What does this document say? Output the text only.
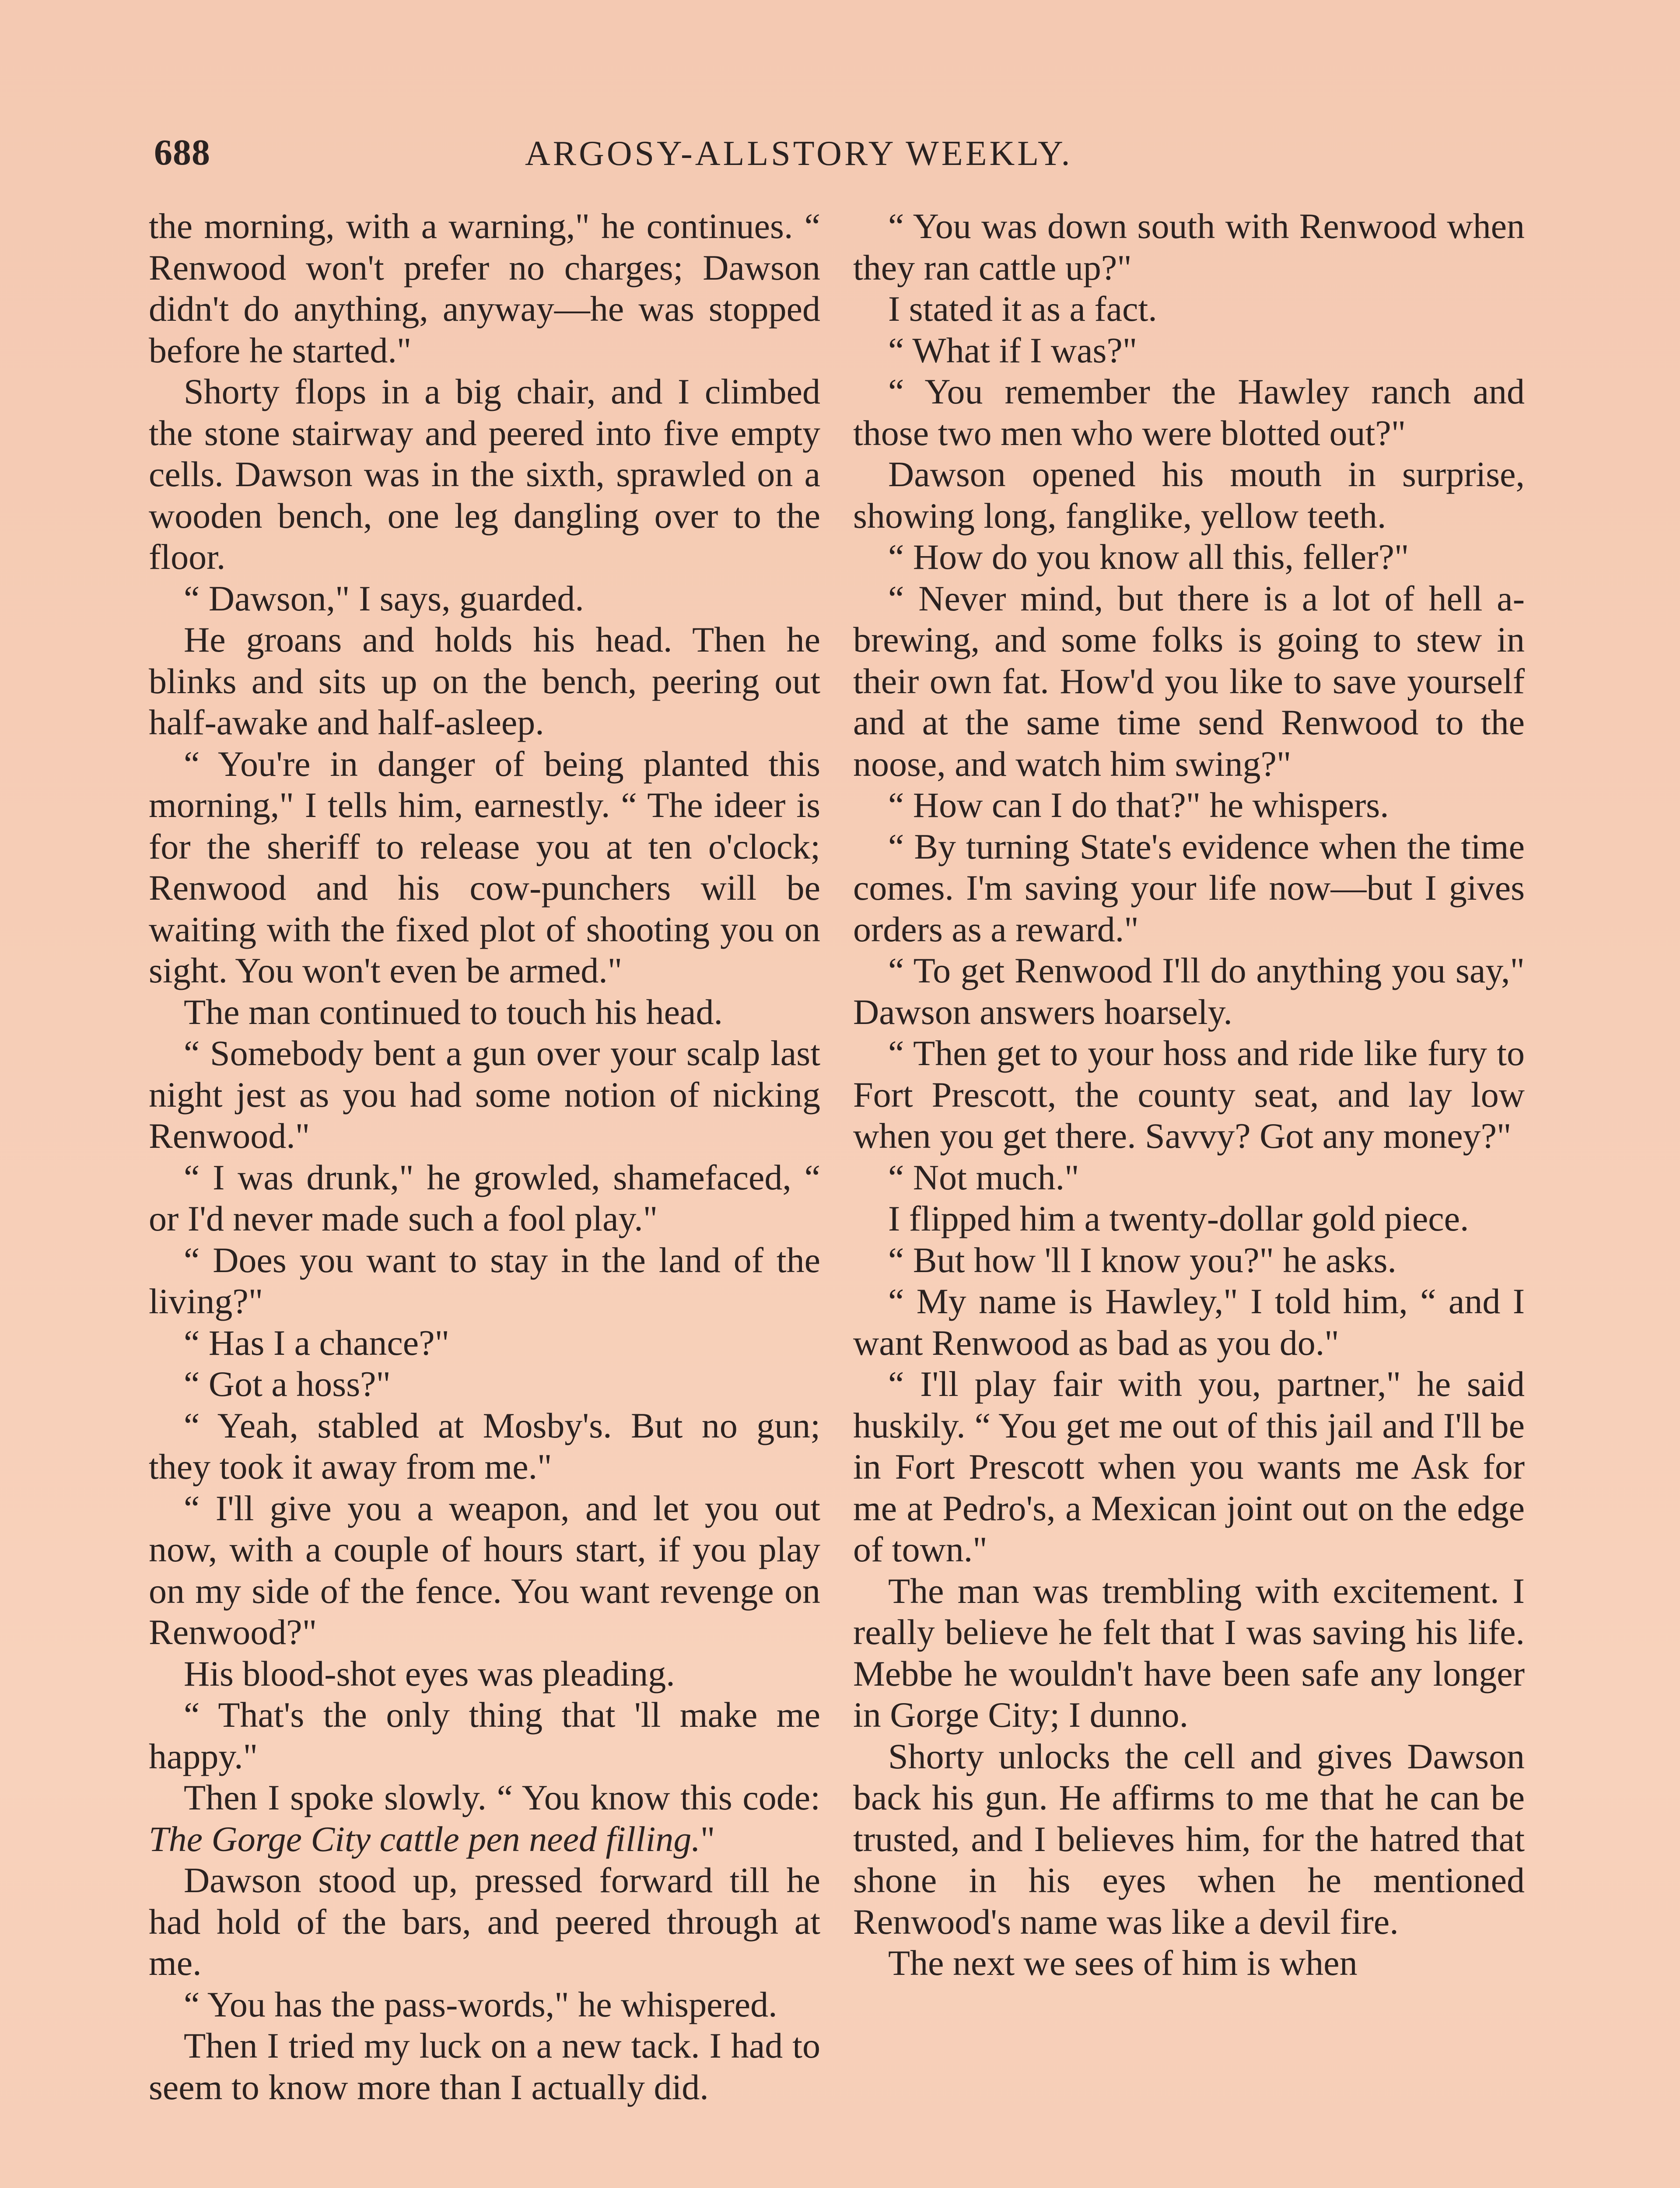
688	ARGOSY-ALLSTORY WEEKLY.

the morning, with a warning," he continues. “ Renwood won't prefer no charges; Dawson didn't do anything, anyway—he was stopped before he started."

Shorty flops in a big chair, and I climbed the stone stairway and peered into five empty cells. Dawson was in the sixth, sprawled on a wooden bench, one leg dangling over to the floor.

“ Dawson," I says, guarded.

He groans and holds his head. Then he blinks and sits up on the bench, peering out half-awake and half-asleep.

“ You're in danger of being planted this morning," I tells him, earnestly. “ The ideer is for the sheriff to release you at ten o'clock; Renwood and his cow-punchers will be waiting with the fixed plot of shooting you on sight. You won't even be armed."

The man continued to touch his head.

“ Somebody bent a gun over your scalp last night jest as you had some notion of nicking Renwood."

“ I was drunk," he growled, shamefaced, “ or I'd never made such a fool play."

“ Does you want to stay in the land of the living?"

“ Has I a chance?"

“ Got a hoss?"

“ Yeah, stabled at Mosby's. But no gun; they took it away from me."

“ I'll give you a weapon, and let you out now, with a couple of hours start, if you play on my side of the fence. You want revenge on Renwood?"

His blood-shot eyes was pleading.

“ That's the only thing that 'll make me happy."

Then I spoke slowly. “ You know this code: The Gorge City cattle pen need filling."

Dawson stood up, pressed forward till he had hold of the bars, and peered through at me.

“ You has the pass-words," he whispered.

Then I tried my luck on a new tack. I had to seem to know more than I actually did.

“ You was down south with Renwood when they ran cattle up?"

I stated it as a fact.

“ What if I was?"

“ You remember the Hawley ranch and those two men who were blotted out?"

Dawson opened his mouth in surprise, showing long, fanglike, yellow teeth.

“ How do you know all this, feller?"

“ Never mind, but there is a lot of hell a-brewing, and some folks is going to stew in their own fat. How'd you like to save yourself and at the same time send Renwood to the noose, and watch him swing?"

“ How can I do that?" he whispers.

“ By turning State's evidence when the time comes. I'm saving your life now—but I gives orders as a reward."

“ To get Renwood I'll do anything you say," Dawson answers hoarsely.

“ Then get to your hoss and ride like fury to Fort Prescott, the county seat, and lay low when you get there. Savvy? Got any money?"

“ Not much."

I flipped him a twenty-dollar gold piece.

“ But how 'll I know you?" he asks.

“ My name is Hawley," I told him, “ and I want Renwood as bad as you do."

“ I'll play fair with you, partner," he said huskily. “ You get me out of this jail and I'll be in Fort Prescott when you wants me Ask for me at Pedro's, a Mexican joint out on the edge of town."

The man was trembling with excitement. I really believe he felt that I was saving his life. Mebbe he wouldn't have been safe any longer in Gorge City; I dunno.

Shorty unlocks the cell and gives Dawson back his gun. He affirms to me that he can be trusted, and I believes him, for the hatred that shone in his eyes when he mentioned Renwood's name was like a devil fire.

The next we sees of him is when
